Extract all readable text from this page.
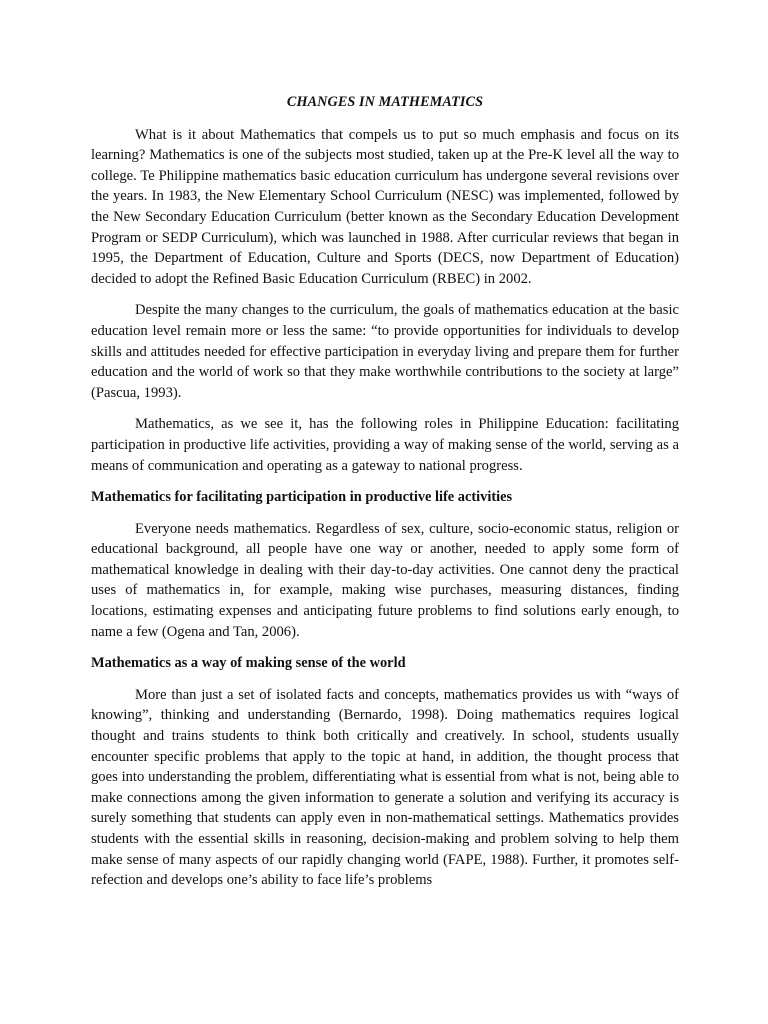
CHANGES IN MATHEMATICS

What is it about Mathematics that compels us to put so much emphasis and focus on its learning? Mathematics is one of the subjects most studied, taken up at the Pre-K level all the way to college. Te Philippine mathematics basic education curriculum has undergone several revisions over the years. In 1983, the New Elementary School Curriculum (NESC) was implemented, followed by the New Secondary Education Curriculum (better known as the Secondary Education Development Program or SEDP Curriculum), which was launched in 1988. After curricular reviews that began in 1995, the Department of Education, Culture and Sports (DECS, now Department of Education) decided to adopt the Refined Basic Education Curriculum (RBEC) in 2002.

Despite the many changes to the curriculum, the goals of mathematics education at the basic education level remain more or less the same: “to provide opportunities for individuals to develop skills and attitudes needed for effective participation in everyday living and prepare them for further education and the world of work so that they make worthwhile contributions to the society at large” (Pascua, 1993).

Mathematics, as we see it, has the following roles in Philippine Education: facilitating participation in productive life activities, providing a way of making sense of the world, serving as a means of communication and operating as a gateway to national progress.

Mathematics for facilitating participation in productive life activities

Everyone needs mathematics. Regardless of sex, culture, socio-economic status, religion or educational background, all people have one way or another, needed to apply some form of mathematical knowledge in dealing with their day-to-day activities. One cannot deny the practical uses of mathematics in, for example, making wise purchases, measuring distances, finding locations, estimating expenses and anticipating future problems to find solutions early enough, to name a few (Ogena and Tan, 2006).

Mathematics as a way of making sense of the world

More than just a set of isolated facts and concepts, mathematics provides us with “ways of knowing”, thinking and understanding (Bernardo, 1998). Doing mathematics requires logical thought and trains students to think both critically and creatively. In school, students usually encounter specific problems that apply to the topic at hand, in addition, the thought process that goes into understanding the problem, differentiating what is essential from what is not, being able to make connections among the given information to generate a solution and verifying its accuracy is surely something that students can apply even in non-mathematical settings. Mathematics provides students with the essential skills in reasoning, decision-making and problem solving to help them make sense of many aspects of our rapidly changing world (FAPE, 1988). Further, it promotes self-refection and develops one’s ability to face life’s problems
